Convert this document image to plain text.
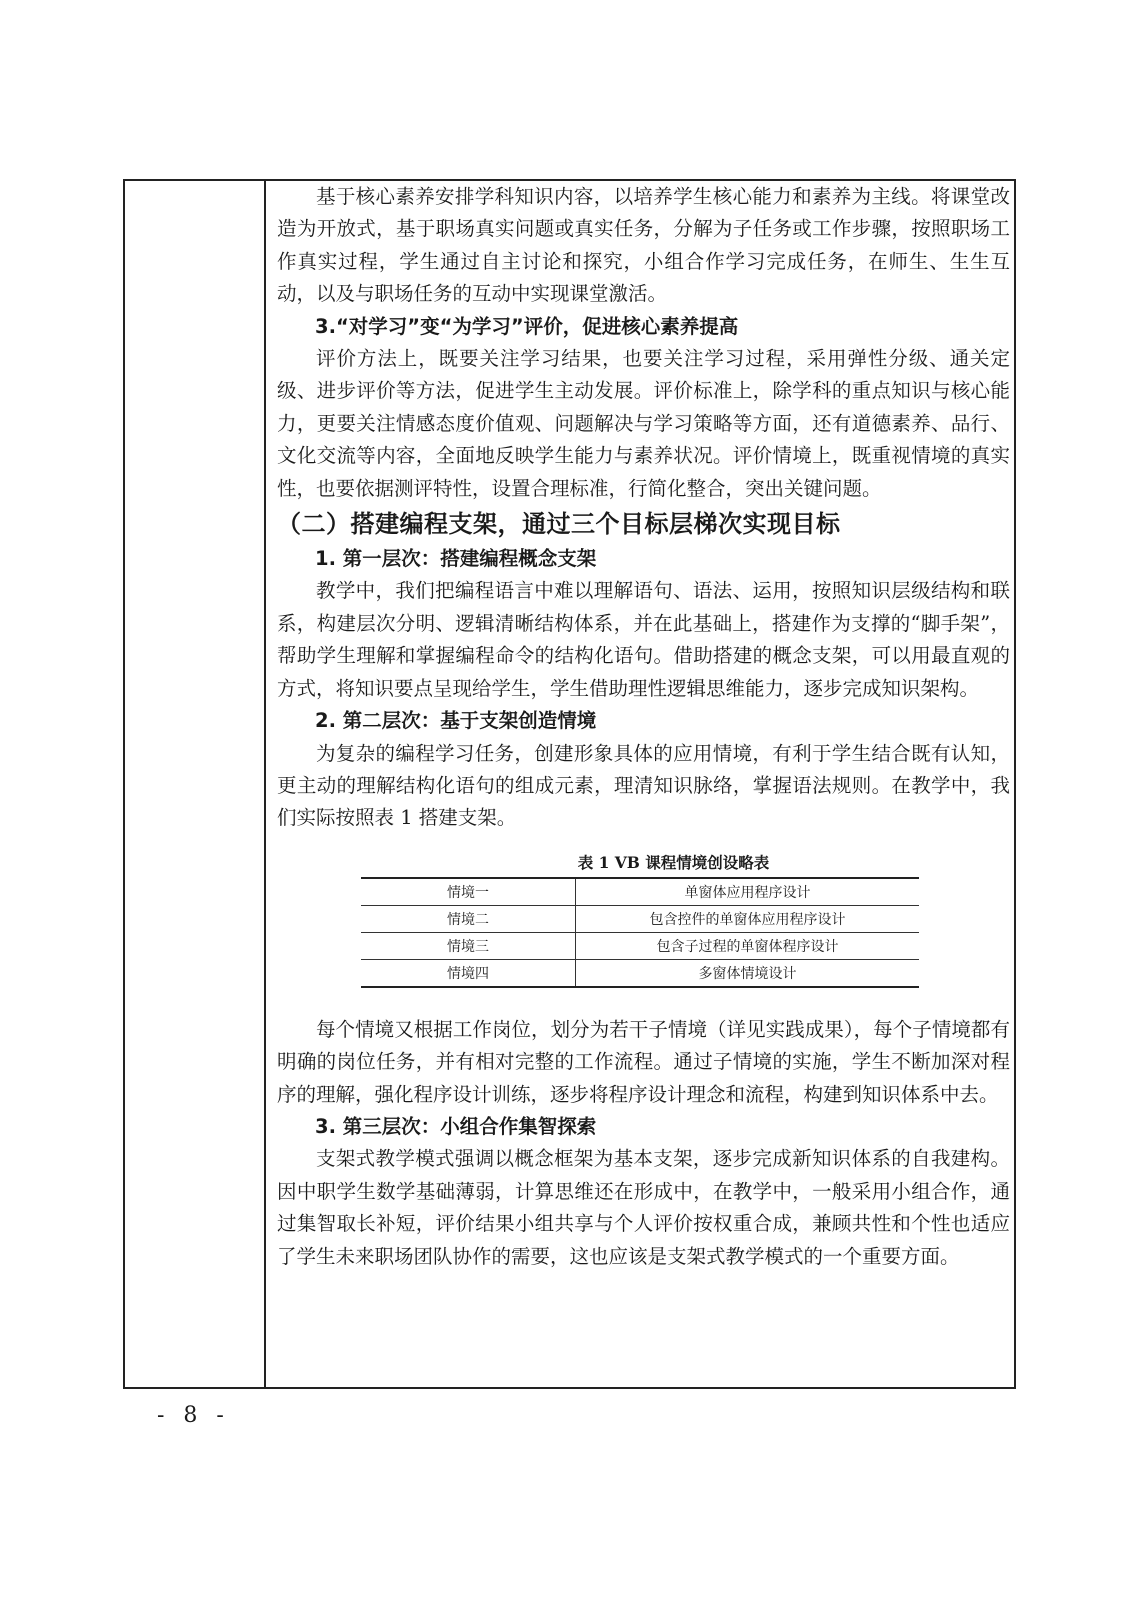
基于核心素养安排学科知识内容，以培养学生核心能力和素养为主线。将课堂改造为开放式，基于职场真实问题或真实任务，分解为子任务或工作步骤，按照职场工作真实过程，学生通过自主讨论和探究，小组合作学习完成任务，在师生、生生互动，以及与职场任务的互动中实现课堂激活。

3.“对学习”变“为学习”评价，促进核心素养提高

评价方法上，既要关注学习结果，也要关注学习过程，采用弹性分级、通关定级、进步评价等方法，促进学生主动发展。评价标准上，除学科的重点知识与核心能力，更要关注情感态度价值观、问题解决与学习策略等方面，还有道德素养、品行、文化交流等内容，全面地反映学生能力与素养状况。评价情境上，既重视情境的真实性，也要依据测评特性，设置合理标准，行简化整合，突出关键问题。

（二）搭建编程支架，通过三个目标层梯次实现目标

1. 第一层次：搭建编程概念支架

教学中，我们把编程语言中难以理解语句、语法、运用，按照知识层级结构和联系，构建层次分明、逻辑清晰结构体系，并在此基础上，搭建作为支撑的“脚手架”，帮助学生理解和掌握编程命令的结构化语句。借助搭建的概念支架，可以用最直观的方式，将知识要点呈现给学生，学生借助理性逻辑思维能力，逐步完成知识架构。

2. 第二层次：基于支架创造情境

为复杂的编程学习任务，创建形象具体的应用情境，有利于学生结合既有认知，更主动的理解结构化语句的组成元素，理清知识脉络，掌握语法规则。在教学中，我们实际按照表 1 搭建支架。

表 1 VB 课程情境创设略表
情境一	单窗体应用程序设计
情境二	包含控件的单窗体应用程序设计
情境三	包含子过程的单窗体程序设计
情境四	多窗体情境设计

每个情境又根据工作岗位，划分为若干子情境（详见实践成果），每个子情境都有明确的岗位任务，并有相对完整的工作流程。通过子情境的实施，学生不断加深对程序的理解，强化程序设计训练，逐步将程序设计理念和流程，构建到知识体系中去。

3. 第三层次：小组合作集智探索

支架式教学模式强调以概念框架为基本支架，逐步完成新知识体系的自我建构。因中职学生数学基础薄弱，计算思维还在形成中，在教学中，一般采用小组合作，通过集智取长补短，评价结果小组共享与个人评价按权重合成，兼顾共性和个性也适应了学生未来职场团队协作的需要，这也应该是支架式教学模式的一个重要方面。

- 8 -
